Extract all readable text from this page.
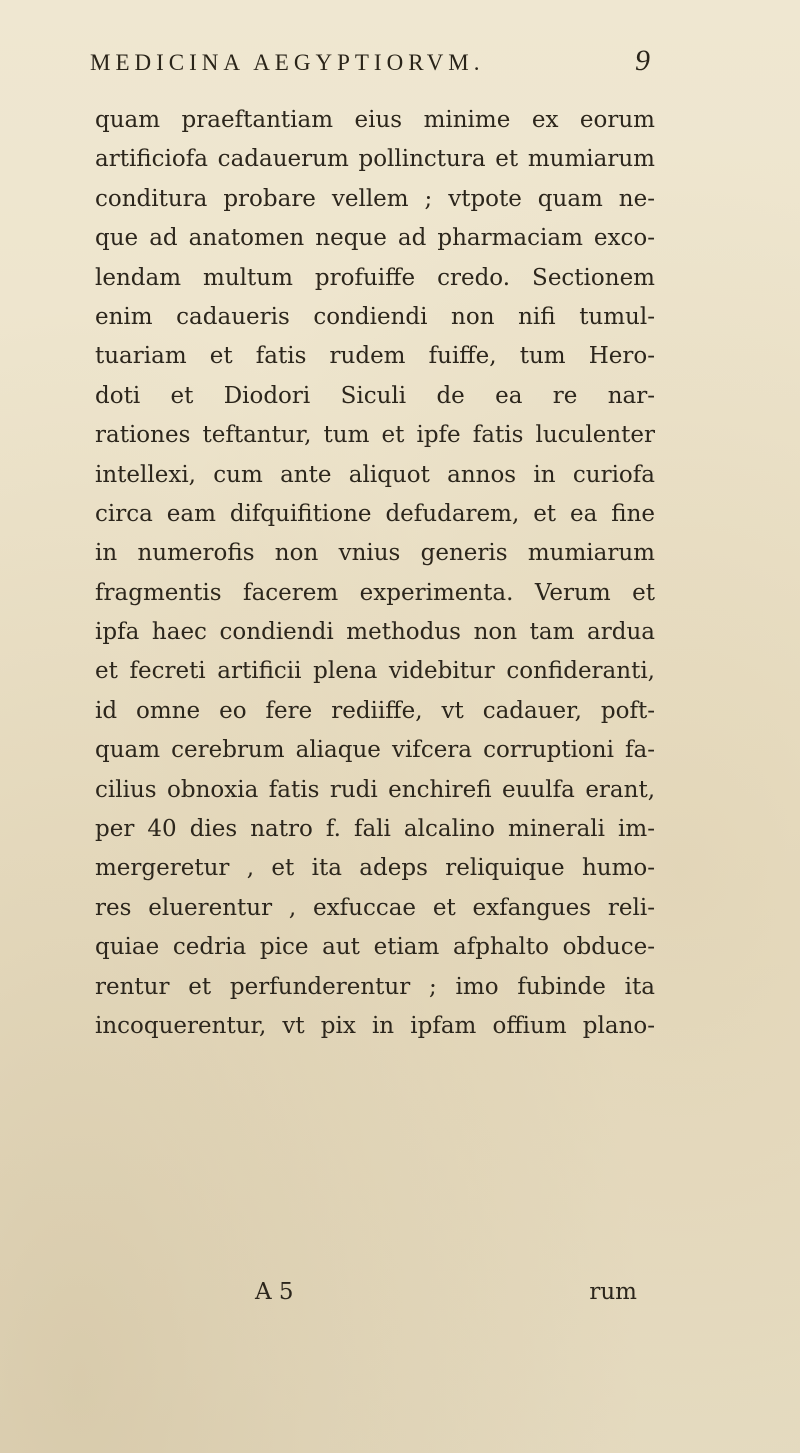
MEDICINA AEGYPTIORVM.	9
quam praeftantiam eius minime ex eorum
artificiofa cadauerum pollinctura et mumiarum
conditura probare vellem ; vtpote quam ne-
que ad anatomen neque ad pharmaciam exco-
lendam multum profuiffe credo. Sectionem
enim cadaueris condiendi non nifi tumul-
tuariam et fatis rudem fuiffe, tum Hero-
doti et Diodori Siculi de ea re nar-
rationes teftantur, tum et ipfe fatis luculenter
intellexi, cum ante aliquot annos in curiofa
circa eam difquifitione defudarem, et ea fine
in numerofis non vnius generis mumiarum
fragmentis facerem experimenta. Verum et
ipfa haec condiendi methodus non tam ardua
et fecreti artificii plena videbitur confideranti,
id omne eo fere rediiffe, vt cadauer, poft-
quam cerebrum aliaque vifcera corruptioni fa-
cilius obnoxia fatis rudi enchirefi euulfa erant,
per 40 dies natro f. fali alcalino minerali im-
mergeretur , et ita adeps reliquique humo-
res eluerentur , exfuccae et exfangues reli-
quiae cedria pice aut etiam afphalto obduce-
rentur et perfunderentur ; imo fubinde ita
incoquerentur, vt pix in ipfam offium plano-
A 5	rum
